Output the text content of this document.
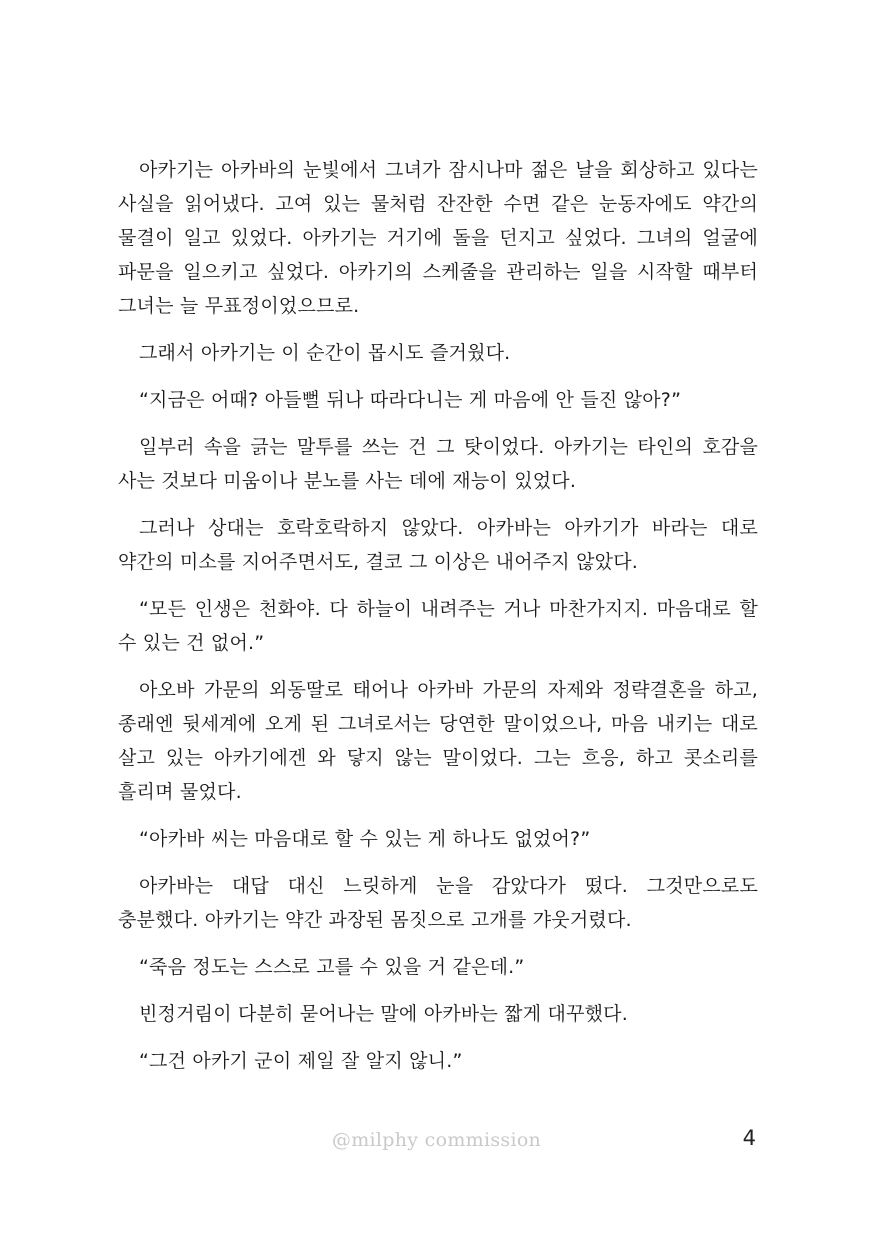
아카기는 아카바의 눈빛에서 그녀가 잠시나마 젊은 날을 회상하고 있다는 사실을 읽어냈다. 고여 있는 물처럼 잔잔한 수면 같은 눈동자에도 약간의 물결이 일고 있었다. 아카기는 거기에 돌을 던지고 싶었다. 그녀의 얼굴에 파문을 일으키고 싶었다. 아카기의 스케줄을 관리하는 일을 시작할 때부터 그녀는 늘 무표정이었으므로.

그래서 아카기는 이 순간이 몹시도 즐거웠다.

“지금은 어때? 아들뻘 뒤나 따라다니는 게 마음에 안 들진 않아?”

일부러 속을 긁는 말투를 쓰는 건 그 탓이었다. 아카기는 타인의 호감을 사는 것보다 미움이나 분노를 사는 데에 재능이 있었다.

그러나 상대는 호락호락하지 않았다. 아카바는 아카기가 바라는 대로 약간의 미소를 지어주면서도, 결코 그 이상은 내어주지 않았다.

“모든 인생은 천화야. 다 하늘이 내려주는 거나 마찬가지지. 마음대로 할 수 있는 건 없어.”

아오바 가문의 외동딸로 태어나 아카바 가문의 자제와 정략결혼을 하고, 종래엔 뒷세계에 오게 된 그녀로서는 당연한 말이었으나, 마음 내키는 대로 살고 있는 아카기에겐 와 닿지 않는 말이었다. 그는 흐응, 하고 콧소리를 흘리며 물었다.

“아카바 씨는 마음대로 할 수 있는 게 하나도 없었어?”

아카바는 대답 대신 느릿하게 눈을 감았다가 떴다. 그것만으로도 충분했다. 아카기는 약간 과장된 몸짓으로 고개를 갸웃거렸다.

“죽음 정도는 스스로 고를 수 있을 거 같은데.”

빈정거림이 다분히 묻어나는 말에 아카바는 짧게 대꾸했다.

“그건 아카기 군이 제일 잘 알지 않니.”

@milphy commission	4
